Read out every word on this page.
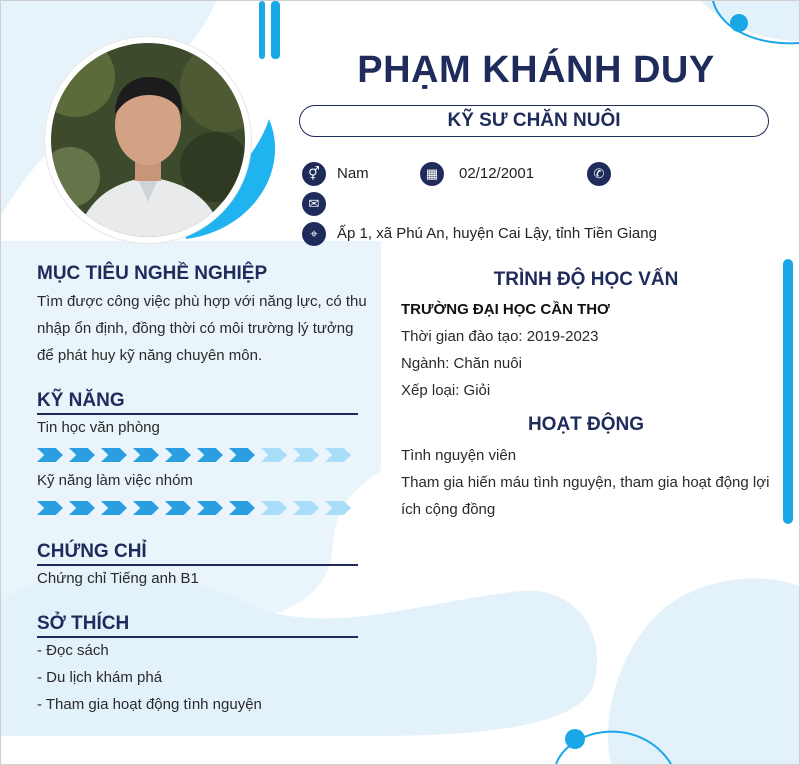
PHẠM KHÁNH DUY
KỸ SƯ CHĂN NUÔI
⚥	Nam	▦	02/12/2001	✆
✉
⌖	Ấp 1, xã Phú An, huyện Cai Lậy, tỉnh Tiền Giang
MỤC TIÊU NGHỀ NGHIỆP
Tìm được công việc phù hợp với năng lực, có thu
nhập ổn định, đồng thời có môi trường lý tưởng
để phát huy kỹ năng chuyên môn.
KỸ NĂNG
Tin học văn phòng
Kỹ năng làm việc nhóm
CHỨNG CHỈ
Chứng chỉ Tiếng anh B1
SỞ THÍCH
- Đọc sách
- Du lịch khám phá
- Tham gia hoạt động tình nguyện
TRÌNH ĐỘ HỌC VẤN
TRƯỜNG ĐẠI HỌC CẦN THƠ
Thời gian đào tạo: 2019-2023
Ngành: Chăn nuôi
Xếp loại: Giỏi
HOẠT ĐỘNG
Tình nguyện viên
Tham gia hiến máu tình nguyện, tham gia hoạt động lợi
ích cộng đồng
